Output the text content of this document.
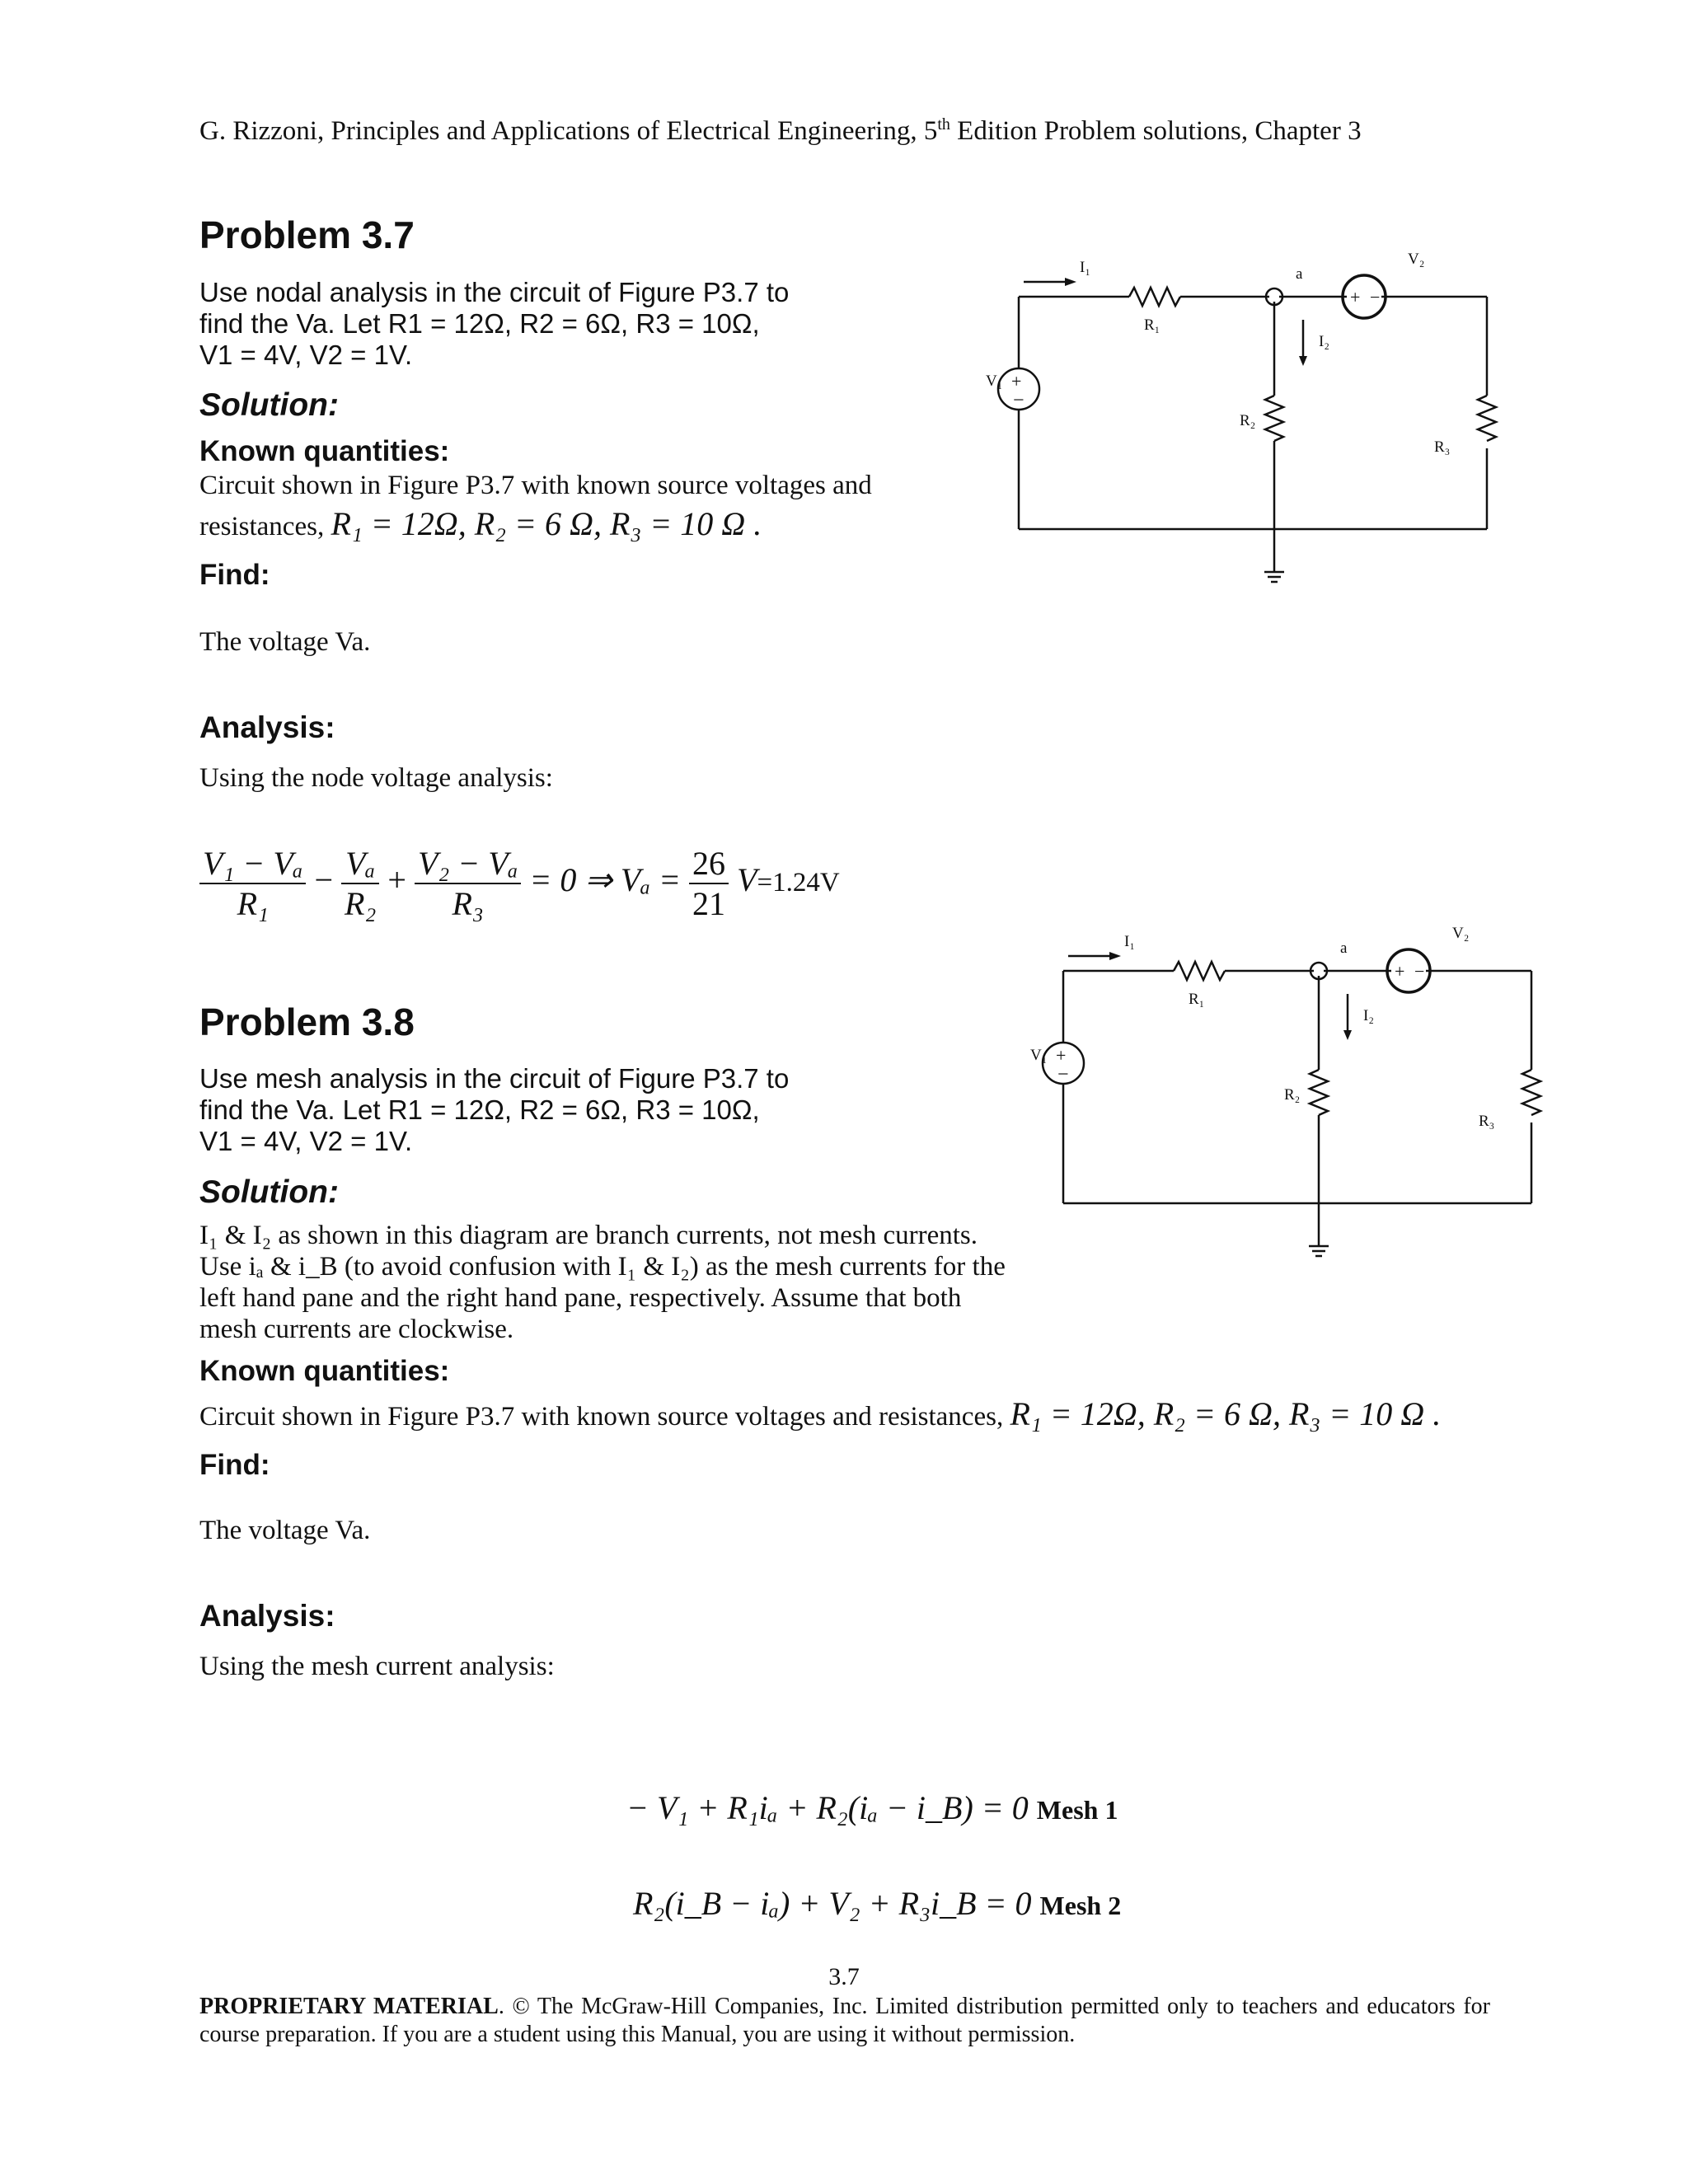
G. Rizzoni, Principles and Applications of Electrical Engineering, 5th Edition Problem solutions, Chapter 3
Problem 3.7
Use nodal analysis in the circuit of Figure P3.7 to
find the Va. Let R1 = 12Ω, R2 = 6Ω, R3 = 10Ω,
V1 = 4V, V2 = 1V.
Solution:
Known quantities:
Circuit shown in Figure P3.7 with known source voltages and
resistances, R₁ = 12Ω, R₂ = 6 Ω, R₃ = 10 Ω .
Find:
The voltage Va.
Analysis:
Using the node voltage analysis:
$\frac{\text{V₁ − Vₐ}}{\text{R₁}} - \frac{\text{Vₐ}}{\text{R₂}} + \frac{\text{V₂ − Vₐ}}{\text{R₃}} = 0$ ⇒ $V_a = \frac{26}{21} V=1.24V$
I₁
R₁
a
I₂
V₂
V₁
R₂
R₃
+
−
+ −
Problem 3.8
Use mesh analysis in the circuit of Figure P3.7 to
find the Va. Let R1 = 12Ω, R2 = 6Ω, R3 = 10Ω,
V1 = 4V, V2 = 1V.
Solution:
I₁ & I₂ as shown in this diagram are branch currents, not mesh currents.
Use iₐ & i_B (to avoid confusion with I₁ & I₂) as the mesh currents for the
left hand pane and the right hand pane, respectively. Assume that both
mesh currents are clockwise.
Known quantities:
Circuit shown in Figure P3.7 with known source voltages and resistances, R₁ = 12Ω, R₂ = 6 Ω, R₃ = 10 Ω .
Find:
The voltage Va.
Analysis:
Using the mesh current analysis:
− V₁ + R₁iₐ + R₂(iₐ − i_B) = 0 Mesh 1
R₂(i_B − iₐ) + V₂ + R₃i_B = 0 Mesh 2
I₁
R₁
a
I₂
V₂
V₁
R₂
R₃
+
−
+ −
3.7
PROPRIETARY MATERIAL. © The McGraw-Hill Companies, Inc. Limited distribution permitted only to teachers and educators for course preparation. If you are a student using this Manual, you are using it without permission.
